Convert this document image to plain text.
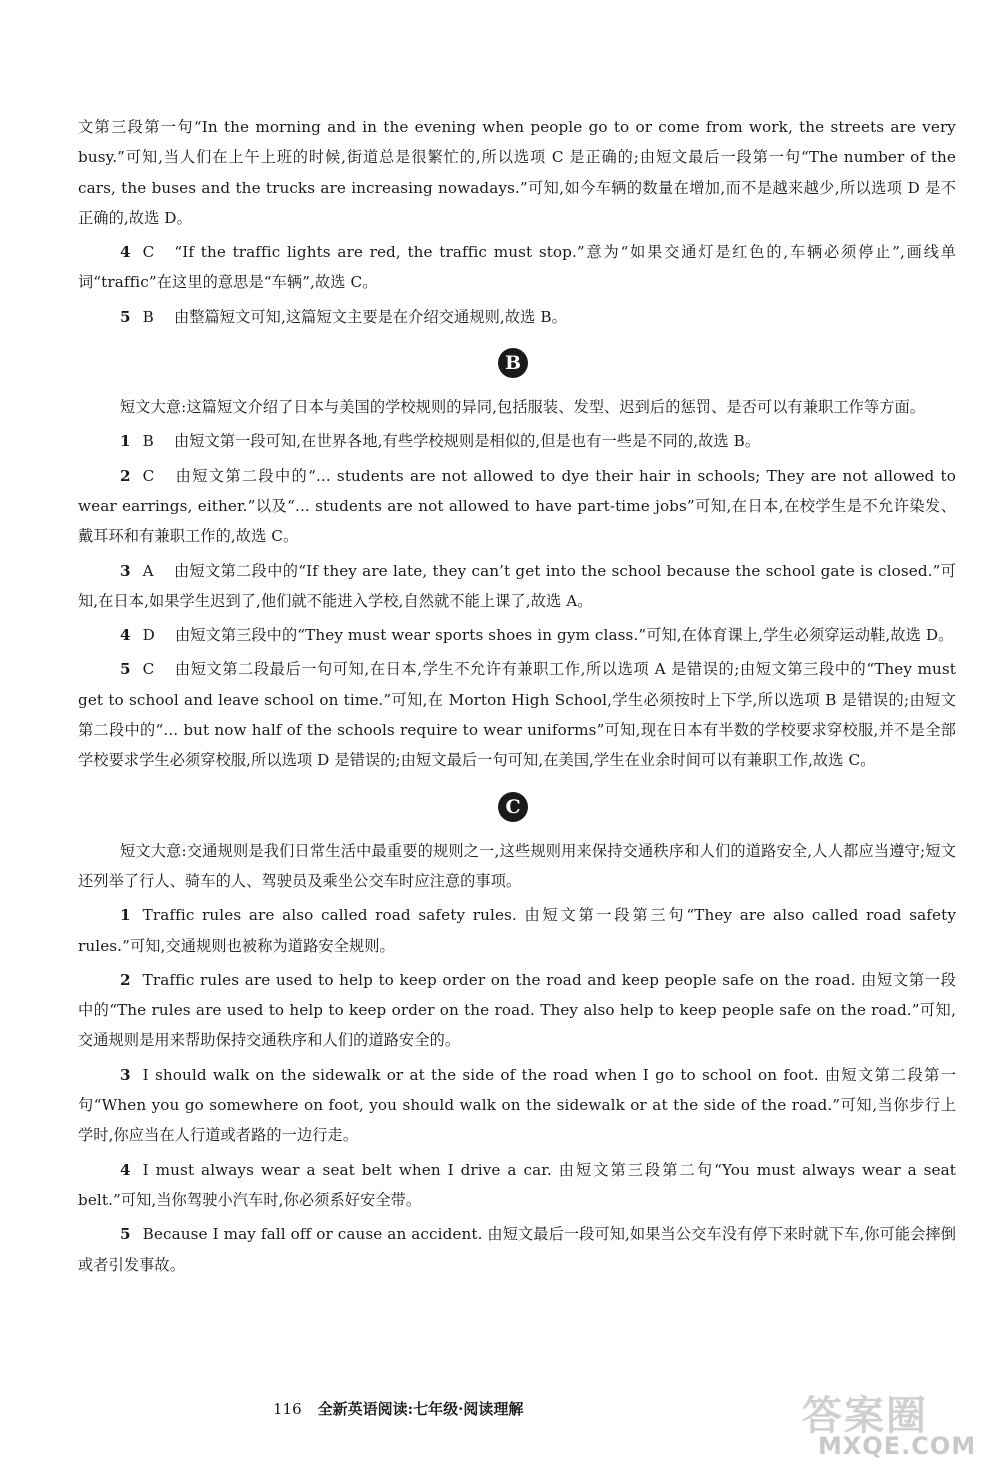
文第三段第一句“In the morning and in the evening when people go to or come from work, the streets are very busy.”可知,当人们在上午上班的时候,街道总是很繁忙的,所以选项 C 是正确的;由短文最后一段第一句“The number of the cars, the buses and the trucks are increasing nowadays.”可知,如今车辆的数量在增加,而不是越来越少,所以选项 D 是不正确的,故选 D。

4 C “If the traffic lights are red, the traffic must stop.”意为“如果交通灯是红色的,车辆必须停止”,画线单词“traffic”在这里的意思是“车辆”,故选 C。

5 B 由整篇短文可知,这篇短文主要是在介绍交通规则,故选 B。

B

短文大意:这篇短文介绍了日本与美国的学校规则的异同,包括服装、发型、迟到后的惩罚、是否可以有兼职工作等方面。

1 B 由短文第一段可知,在世界各地,有些学校规则是相似的,但是也有一些是不同的,故选 B。

2 C 由短文第二段中的“... students are not allowed to dye their hair in schools; They are not allowed to wear earrings, either.”以及“... students are not allowed to have part-time jobs”可知,在日本,在校学生是不允许染发、戴耳环和有兼职工作的,故选 C。

3 A 由短文第二段中的“If they are late, they can’t get into the school because the school gate is closed.”可知,在日本,如果学生迟到了,他们就不能进入学校,自然就不能上课了,故选 A。

4 D 由短文第三段中的“They must wear sports shoes in gym class.”可知,在体育课上,学生必须穿运动鞋,故选 D。

5 C 由短文第二段最后一句可知,在日本,学生不允许有兼职工作,所以选项 A 是错误的;由短文第三段中的“They must get to school and leave school on time.”可知,在 Morton High School,学生必须按时上下学,所以选项 B 是错误的;由短文第二段中的“... but now half of the schools require to wear uniforms”可知,现在日本有半数的学校要求穿校服,并不是全部学校要求学生必须穿校服,所以选项 D 是错误的;由短文最后一句可知,在美国,学生在业余时间可以有兼职工作,故选 C。

C

短文大意:交通规则是我们日常生活中最重要的规则之一,这些规则用来保持交通秩序和人们的道路安全,人人都应当遵守;短文还列举了行人、骑车的人、驾驶员及乘坐公交车时应注意的事项。

1 Traffic rules are also called road safety rules. 由短文第一段第三句“They are also called road safety rules.”可知,交通规则也被称为道路安全规则。

2 Traffic rules are used to help to keep order on the road and keep people safe on the road. 由短文第一段中的“The rules are used to help to keep order on the road. They also help to keep people safe on the road.”可知,交通规则是用来帮助保持交通秩序和人们的道路安全的。

3 I should walk on the sidewalk or at the side of the road when I go to school on foot. 由短文第二段第一句“When you go somewhere on foot, you should walk on the sidewalk or at the side of the road.”可知,当你步行上学时,你应当在人行道或者路的一边行走。

4 I must always wear a seat belt when I drive a car. 由短文第三段第二句“You must always wear a seat belt.”可知,当你驾驶小汽车时,你必须系好安全带。

5 Because I may fall off or cause an accident. 由短文最后一段可知,如果当公交车没有停下来时就下车,你可能会摔倒或者引发事故。

116 全新英语阅读:七年级·阅读理解	答案圈
MXQE.COM
